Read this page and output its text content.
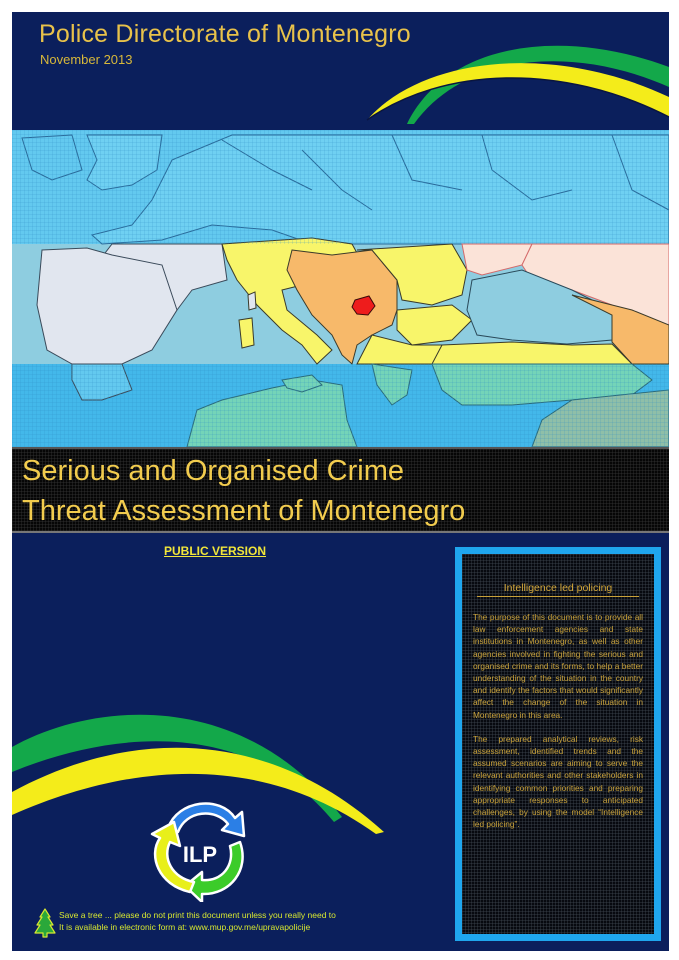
Police Directorate of Montenegro
November 2013
Serious and Organised Crime
Threat Assessment of Montenegro
PUBLIC VERSION
ILP
Save a tree ... please do not print this document unless you really need to
It is available in electronic form at: www.mup.gov.me/upravapolicije
Intelligence led policing

The purpose of this document is to provide all law enforcement agencies and state institutions in Montenegro, as well as other agencies involved in fighting the serious and organised crime and its forms, to help a better understanding of the situation in the country and identify the factors that would significantly affect the change of the situation in Montenegro in this area.

The prepared analytical reviews, risk assessment, identified trends and the assumed scenarios are aiming to serve the relevant authorities and other stakeholders in identifying common priorities and preparing appropriate responses to anticipated challenges, by using the model “Intelligence led policing”.
